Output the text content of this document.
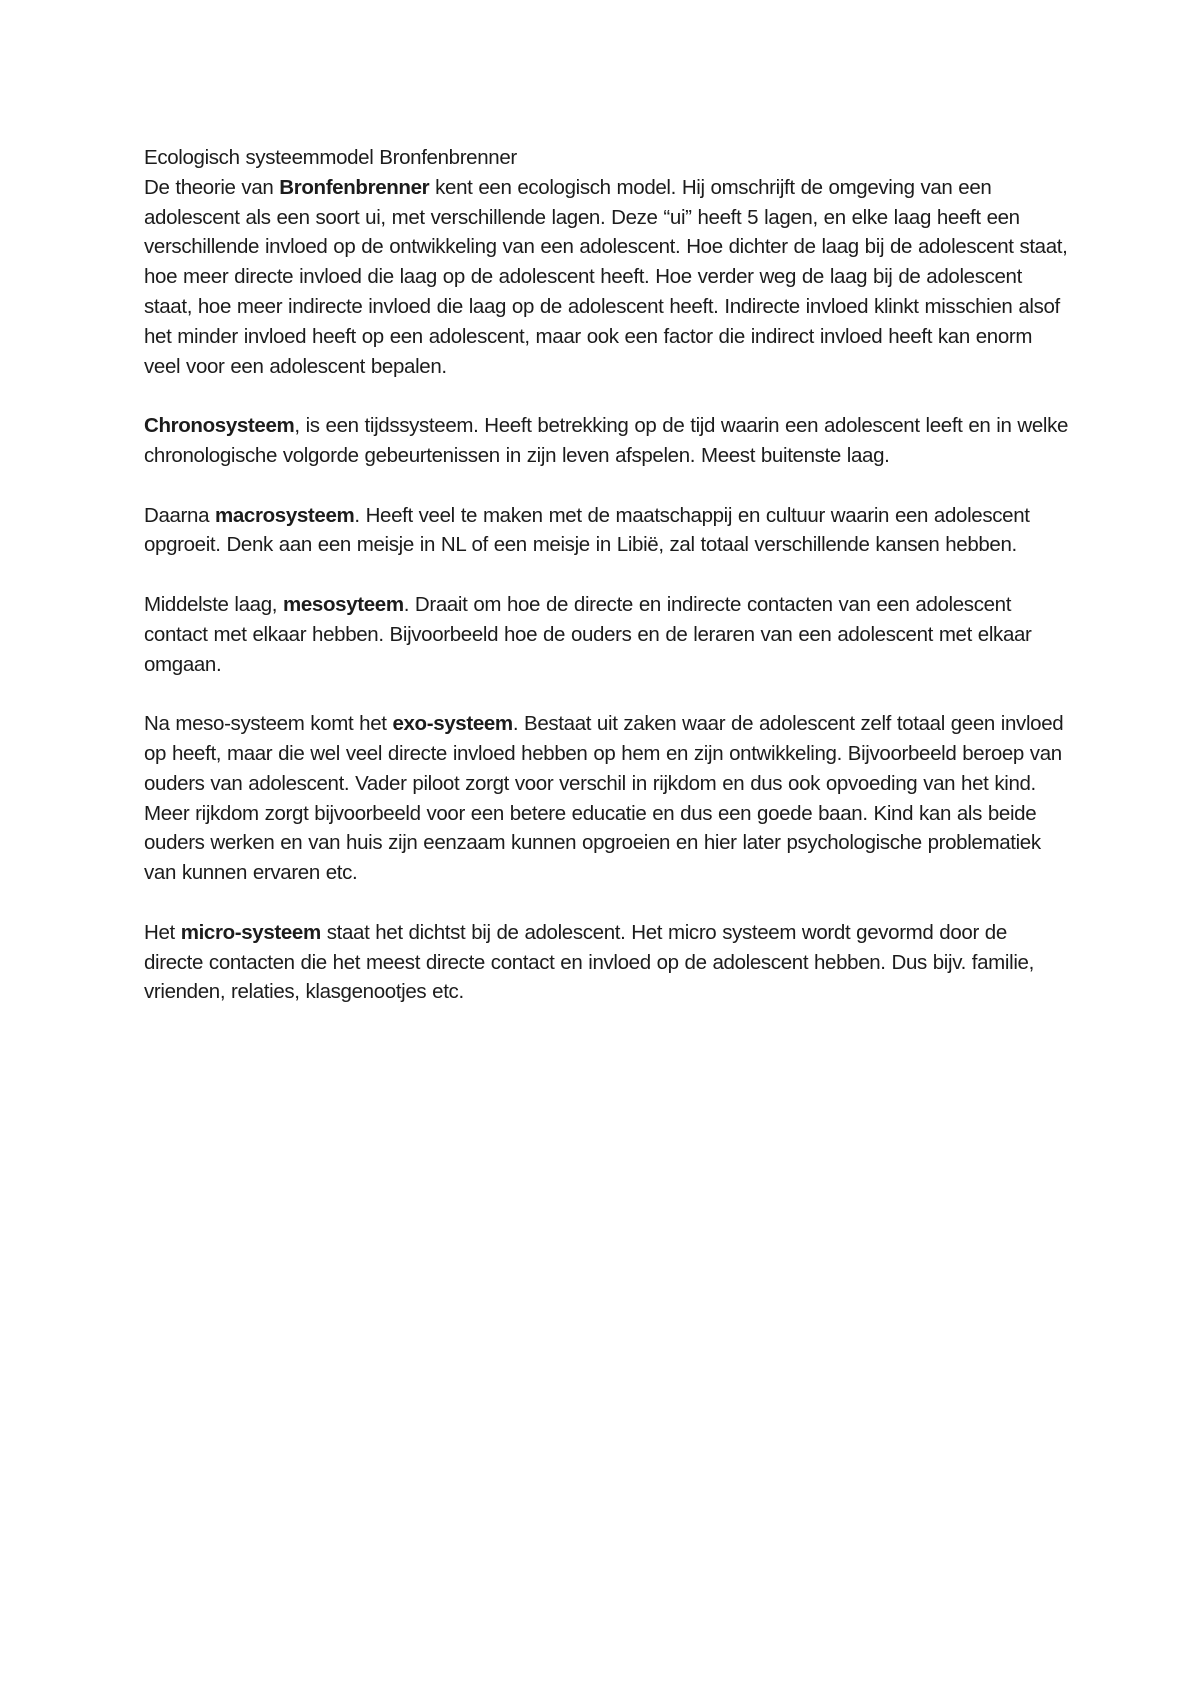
Ecologisch systeemmodel Bronfenbrenner

De theorie van Bronfenbrenner kent een ecologisch model. Hij omschrijft de omgeving van een adolescent als een soort ui, met verschillende lagen. Deze “ui” heeft 5 lagen, en elke laag heeft een verschillende invloed op de ontwikkeling van een adolescent. Hoe dichter de laag bij de adolescent staat, hoe meer directe invloed die laag op de adolescent heeft. Hoe verder weg de laag bij de adolescent staat, hoe meer indirecte invloed die laag op de adolescent heeft. Indirecte invloed klinkt misschien alsof het minder invloed heeft op een adolescent, maar ook een factor die indirect invloed heeft kan enorm veel voor een adolescent bepalen.

Chronosysteem, is een tijdssysteem. Heeft betrekking op de tijd waarin een adolescent leeft en in welke chronologische volgorde gebeurtenissen in zijn leven afspelen. Meest buitenste laag.

Daarna macrosysteem. Heeft veel te maken met de maatschappij en cultuur waarin een adolescent opgroeit. Denk aan een meisje in NL of een meisje in Libië, zal totaal verschillende kansen hebben.

Middelste laag, mesosyteem. Draait om hoe de directe en indirecte contacten van een adolescent contact met elkaar hebben. Bijvoorbeeld hoe de ouders en de leraren van een adolescent met elkaar omgaan.

Na meso-systeem komt het exo-systeem. Bestaat uit zaken waar de adolescent zelf totaal geen invloed op heeft, maar die wel veel directe invloed hebben op hem en zijn ontwikkeling. Bijvoorbeeld beroep van ouders van adolescent. Vader piloot zorgt voor verschil in rijkdom en dus ook opvoeding van het kind. Meer rijkdom zorgt bijvoorbeeld voor een betere educatie en dus een goede baan. Kind kan als beide ouders werken en van huis zijn eenzaam kunnen opgroeien en hier later psychologische problematiek van kunnen ervaren etc.

Het micro-systeem staat het dichtst bij de adolescent. Het micro systeem wordt gevormd door de directe contacten die het meest directe contact en invloed op de adolescent hebben. Dus bijv. familie, vrienden, relaties, klasgenootjes etc.
